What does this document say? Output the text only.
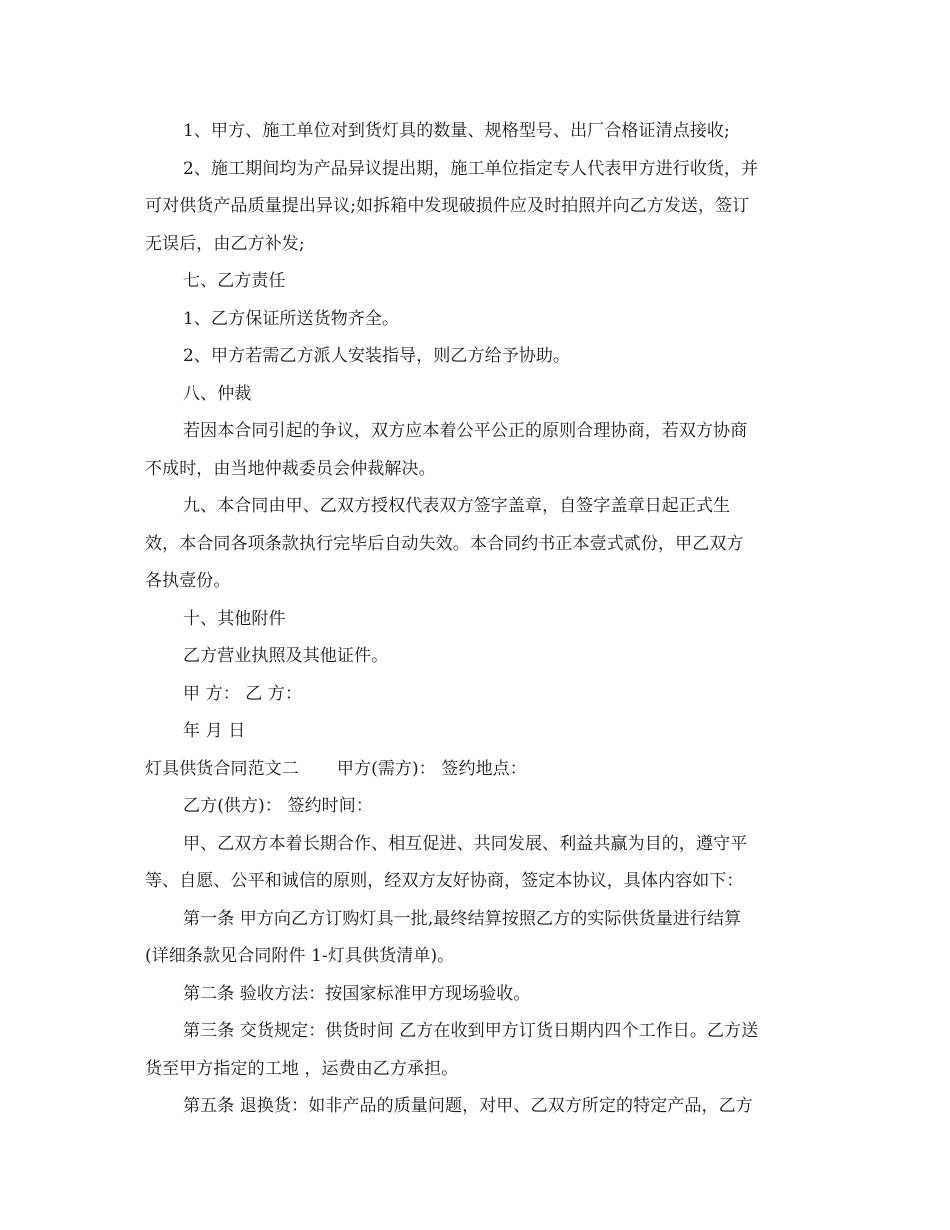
1、甲方、施工单位对到货灯具的数量、规格型号、出厂合格证清点接收;
2、施工期间均为产品异议提出期，施工单位指定专人代表甲方进行收货，并
可对供货产品质量提出异议;如拆箱中发现破损件应及时拍照并向乙方发送，签订
无误后，由乙方补发;
七、乙方责任
1、乙方保证所送货物齐全。
2、甲方若需乙方派人安装指导，则乙方给予协助。
八、仲裁
若因本合同引起的争议，双方应本着公平公正的原则合理协商，若双方协商
不成时，由当地仲裁委员会仲裁解决。
九、本合同由甲、乙双方授权代表双方签字盖章，自签字盖章日起正式生
效，本合同各项条款执行完毕后自动失效。本合同约书正本壹式贰份，甲乙双方
各执壹份。
十、其他附件
乙方营业执照及其他证件。
甲 方： 乙 方：
年 月 日
灯具供货合同范文二 甲方(需方)： 签约地点：
乙方(供方)： 签约时间：
甲、乙双方本着长期合作、相互促进、共同发展、利益共赢为目的，遵守平
等、自愿、公平和诚信的原则，经双方友好协商，签定本协议，具体内容如下：
第一条 甲方向乙方订购灯具一批,最终结算按照乙方的实际供货量进行结算
(详细条款见合同附件 1-灯具供货清单)。
第二条 验收方法：按国家标准甲方现场验收。
第三条 交货规定：供货时间 乙方在收到甲方订货日期内四个工作日。乙方送
货至甲方指定的工地 ，运费由乙方承担。
第五条 退换货：如非产品的质量问题，对甲、乙双方所定的特定产品，乙方
